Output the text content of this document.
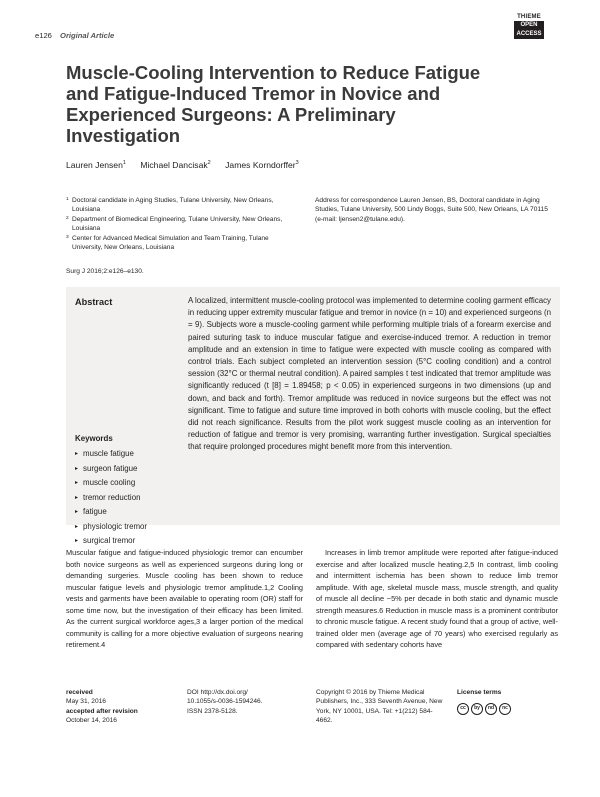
e126 Original Article
THIEME
OPEN
ACCESS
Muscle-Cooling Intervention to Reduce Fatigue and Fatigue-Induced Tremor in Novice and Experienced Surgeons: A Preliminary Investigation
Lauren Jensen$^1$ Michael Dancisak$^2$ James Korndorffer$^3$
1 Doctoral candidate in Aging Studies, Tulane University, New Orleans, Louisiana
2 Department of Biomedical Engineering, Tulane University, New Orleans, Louisiana
3 Center for Advanced Medical Simulation and Team Training, Tulane University, New Orleans, Louisiana
Address for correspondence Lauren Jensen, BS, Doctoral candidate in Aging Studies, Tulane University, 500 Lindy Boggs, Suite 500, New Orleans, LA 70115 (e-mail: ljensen2@tulane.edu).
Surg J 2016;2:e126–e130.
Abstract	A localized, intermittent muscle-cooling protocol was implemented to determine cooling garment efficacy in reducing upper extremity muscular fatigue and tremor in novice (n = 10) and experienced surgeons (n = 9). Subjects wore a muscle-cooling garment while performing multiple trials of a forearm exercise and paired suturing task to induce muscular fatigue and exercise-induced tremor. A reduction in tremor amplitude and an extension in time to fatigue were expected with muscle cooling as compared with control trials. Each subject completed an intervention session (5°C cooling condition) and a control session (32°C or thermal neutral condition). A paired samples t test indicated that tremor amplitude was significantly reduced (t [8] = 1.89458; p < 0.05) in experienced surgeons in two dimensions (up and down, and back and forth). Tremor amplitude was reduced in novice surgeons but the effect was not significant. Time to fatigue and suture time improved in both cohorts with muscle cooling, but the effect did not reach significance. Results from the pilot work suggest muscle cooling as an intervention for reduction of fatigue and tremor is very promising, warranting further investigation. Surgical specialties that require prolonged procedures might benefit more from this intervention.
Keywords
▸ muscle fatigue
▸ surgeon fatigue
▸ muscle cooling
▸ tremor reduction
▸ fatigue
▸ physiologic tremor
▸ surgical tremor
Muscular fatigue and fatigue-induced physiologic tremor can encumber both novice surgeons as well as experienced surgeons during long or demanding surgeries. Muscle cooling has been shown to reduce muscular fatigue levels and physiologic tremor amplitude.1,2 Cooling vests and garments have been available to operating room (OR) staff for some time now, but the investigation of their efficacy has been limited. As the current surgical workforce ages,3 a larger portion of the medical community is calling for a more objective evaluation of surgeons nearing retirement.4
Increases in limb tremor amplitude were reported after fatigue-induced exercise and after localized muscle heating.2,5 In contrast, limb cooling and intermittent ischemia has been shown to reduce limb tremor amplitude. With age, skeletal muscle mass, muscle strength, and quality of muscle all decline ~5% per decade in both static and dynamic muscle strength measures.6 Reduction in muscle mass is a prominent contributor to chronic muscle fatigue. A recent study found that a group of active, well-trained older men (average age of 70 years) who exercised regularly as compared with sedentary cohorts have
received
May 31, 2016
accepted after revision
October 14, 2016
DOI http://dx.doi.org/
10.1055/s-0036-1594246.
ISSN 2378-5128.
Copyright © 2016 by Thieme Medical Publishers, Inc., 333 Seventh Avenue, New York, NY 10001, USA. Tel: +1(212) 584-4662.
License terms
cc	by	nd	nc
